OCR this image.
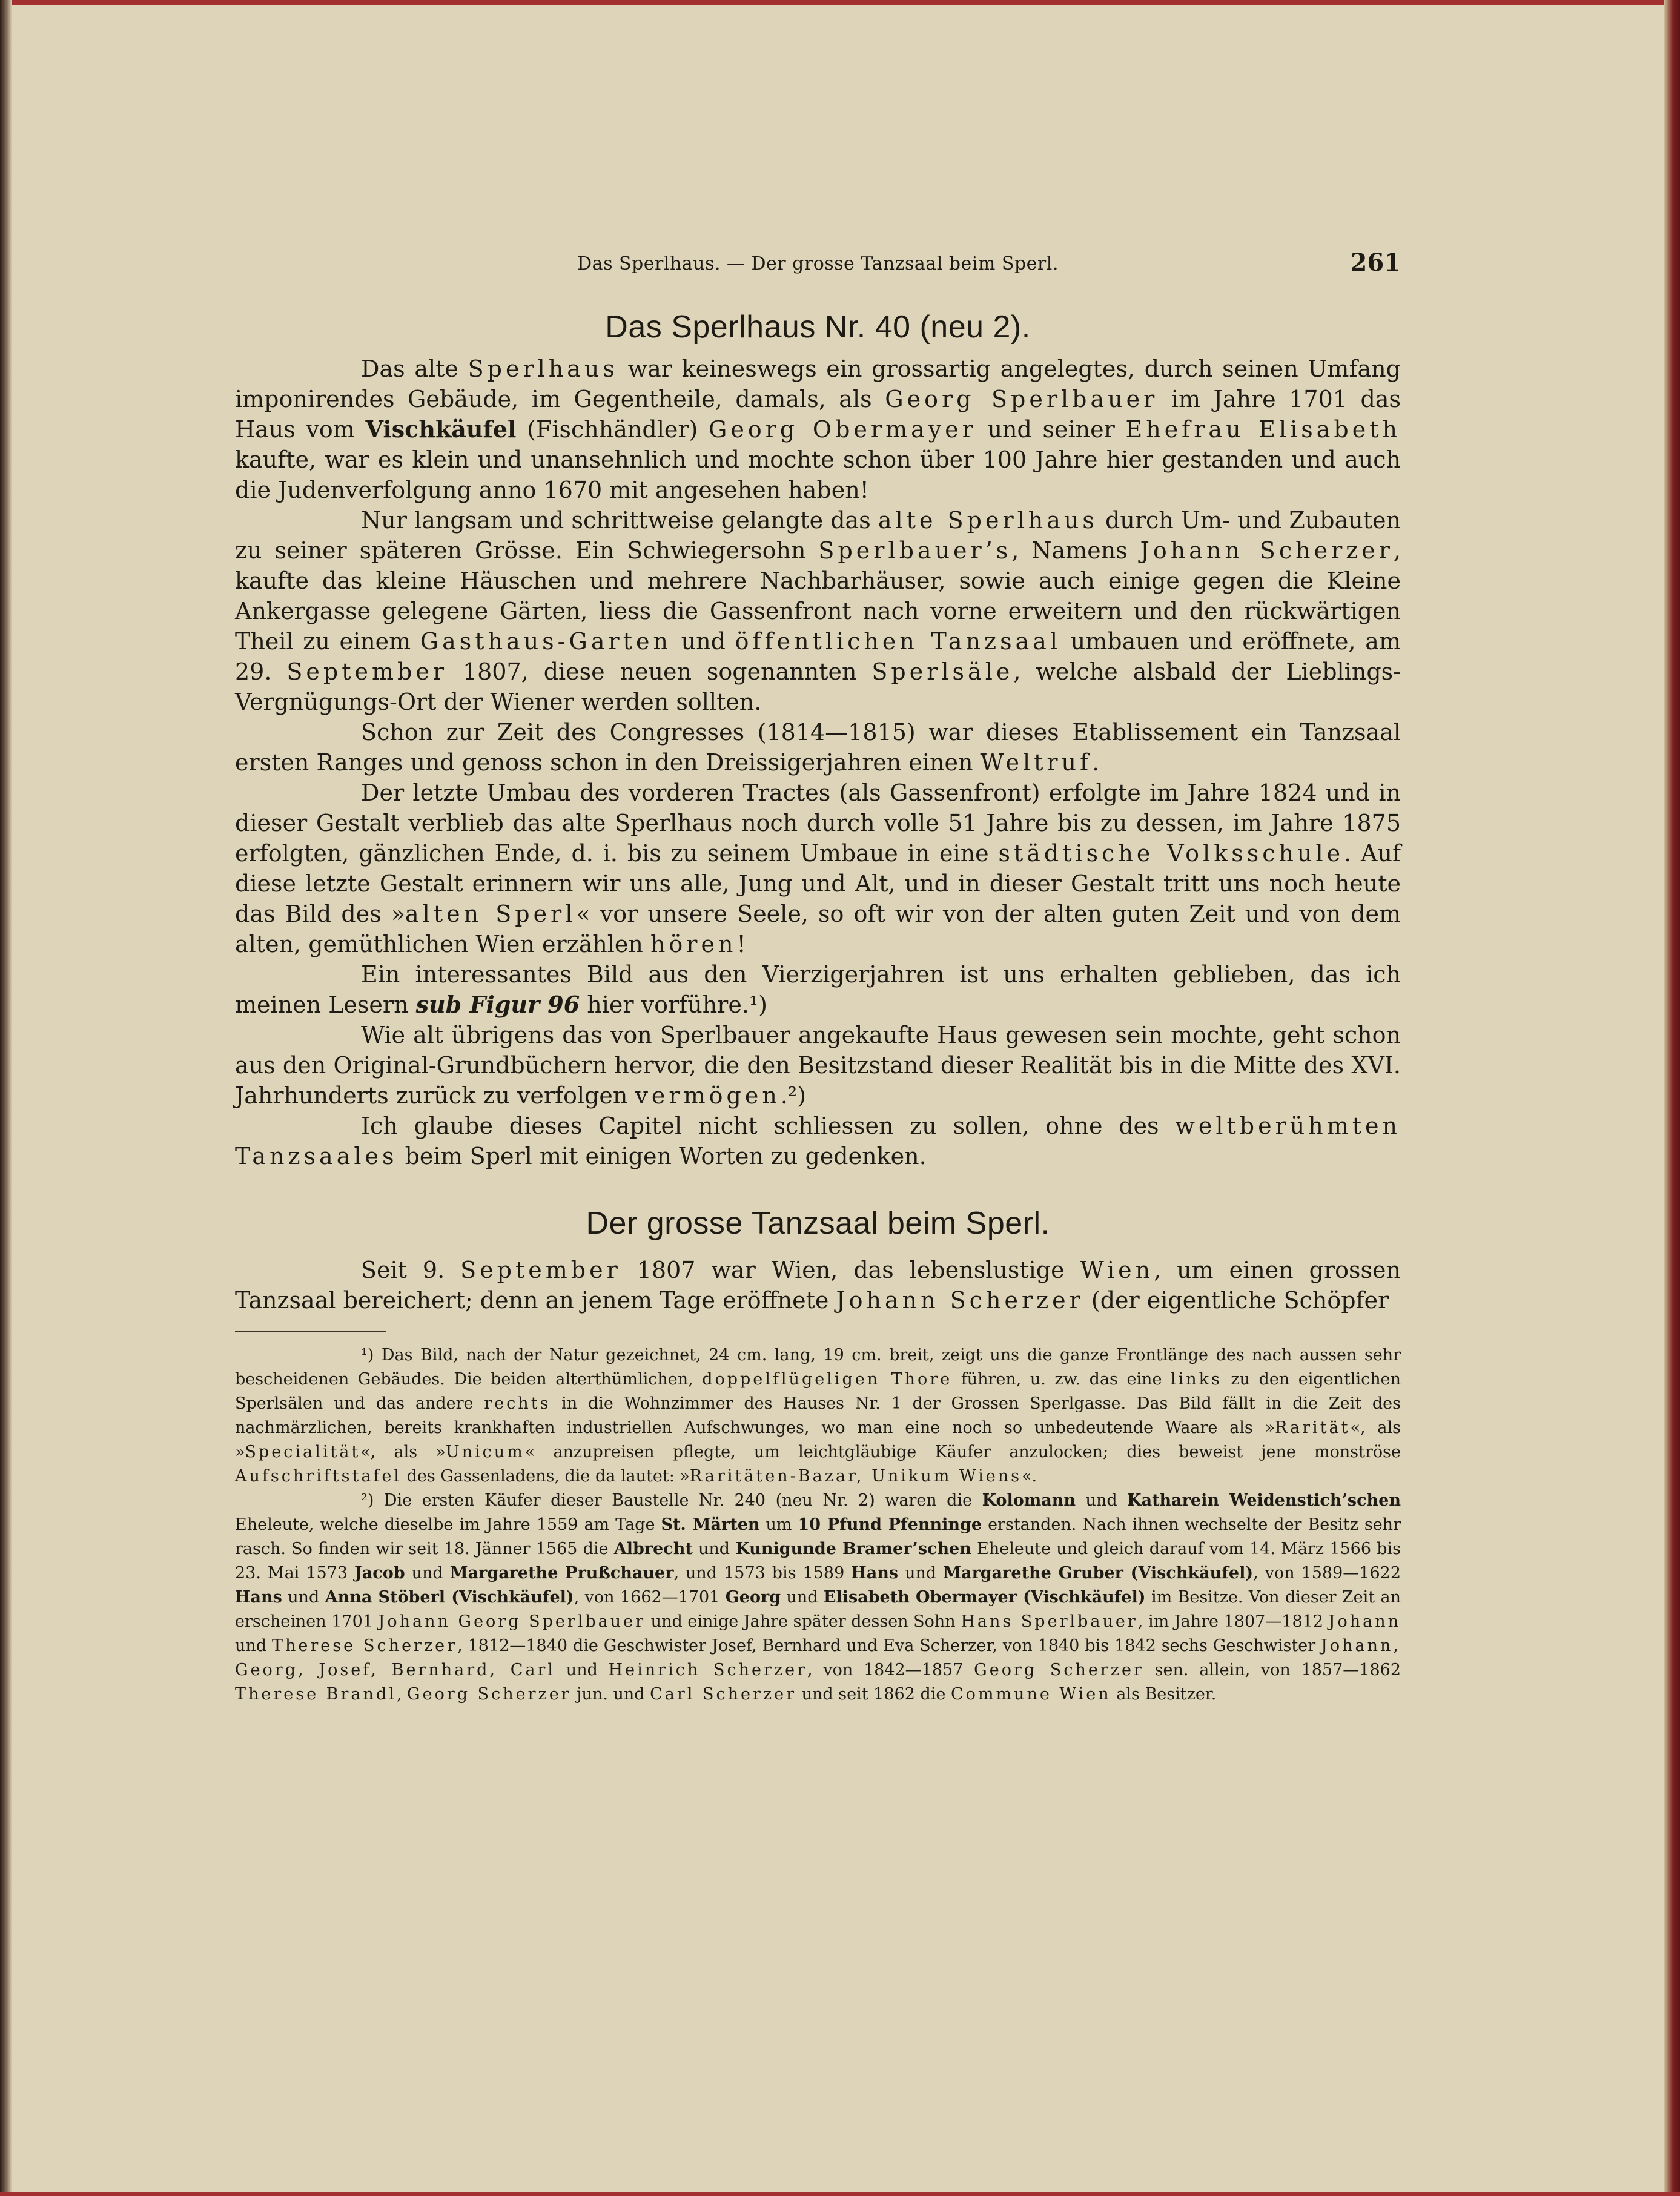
Das Sperlhaus. — Der grosse Tanzsaal beim Sperl.	261
Das Sperlhaus Nr. 40 (neu 2).

Das alte Sperlhaus war keineswegs ein grossartig angelegtes, durch seinen Umfang imponirendes Gebäude, im Gegentheile, damals, als Georg Sperlbauer im Jahre 1701 das Haus vom Vischkäufel (Fischhändler) Georg Obermayer und seiner Ehefrau Elisabeth kaufte, war es klein und unansehnlich und mochte schon über 100 Jahre hier gestanden und auch die Judenverfolgung anno 1670 mit angesehen haben!

Nur langsam und schrittweise gelangte das alte Sperlhaus durch Um- und Zubauten zu seiner späteren Grösse. Ein Schwiegersohn Sperlbauer’s, Namens Johann Scherzer, kaufte das kleine Häuschen und mehrere Nachbarhäuser, sowie auch einige gegen die Kleine Ankergasse gelegene Gärten, liess die Gassenfront nach vorne erweitern und den rückwärtigen Theil zu einem Gasthaus-Garten und öffentlichen Tanzsaal umbauen und eröffnete, am 29. September 1807, diese neuen sogenannten Sperlsäle, welche alsbald der Lieblings-Vergnügungs-Ort der Wiener werden sollten.

Schon zur Zeit des Congresses (1814—1815) war dieses Etablissement ein Tanzsaal ersten Ranges und genoss schon in den Dreissigerjahren einen Weltruf.

Der letzte Umbau des vorderen Tractes (als Gassenfront) erfolgte im Jahre 1824 und in dieser Gestalt verblieb das alte Sperlhaus noch durch volle 51 Jahre bis zu dessen, im Jahre 1875 erfolgten, gänzlichen Ende, d. i. bis zu seinem Umbaue in eine städtische Volksschule. Auf diese letzte Gestalt erinnern wir uns alle, Jung und Alt, und in dieser Gestalt tritt uns noch heute das Bild des »alten Sperl« vor unsere Seele, so oft wir von der alten guten Zeit und von dem alten, gemüthlichen Wien erzählen hören!

Ein interessantes Bild aus den Vierzigerjahren ist uns erhalten geblieben, das ich meinen Lesern sub Figur 96 hier vorführe.¹)

Wie alt übrigens das von Sperlbauer angekaufte Haus gewesen sein mochte, geht schon aus den Original-Grundbüchern hervor, die den Besitzstand dieser Realität bis in die Mitte des XVI. Jahrhunderts zurück zu verfolgen vermögen.²)

Ich glaube dieses Capitel nicht schliessen zu sollen, ohne des weltberühmten Tanzsaales beim Sperl mit einigen Worten zu gedenken.

Der grosse Tanzsaal beim Sperl.

Seit 9. September 1807 war Wien, das lebenslustige Wien, um einen grossen Tanzsaal bereichert; denn an jenem Tage eröffnete Johann Scherzer (der eigentliche Schöpfer

¹) Das Bild, nach der Natur gezeichnet, 24 cm. lang, 19 cm. breit, zeigt uns die ganze Frontlänge des nach aussen sehr bescheidenen Gebäudes. Die beiden alterthümlichen, doppelflügeligen Thore führen, u. zw. das eine links zu den eigentlichen Sperlsälen und das andere rechts in die Wohnzimmer des Hauses Nr. 1 der Grossen Sperlgasse. Das Bild fällt in die Zeit des nachmärzlichen, bereits krankhaften industriellen Aufschwunges, wo man eine noch so unbedeutende Waare als »Rarität«, als »Specialität«, als »Unicum« anzupreisen pflegte, um leichtgläubige Käufer anzulocken; dies beweist jene monströse Aufschriftstafel des Gassenladens, die da lautet: »Raritäten-Bazar, Unikum Wiens«.

²) Die ersten Käufer dieser Baustelle Nr. 240 (neu Nr. 2) waren die Kolomann und Katharein Weidenstich’schen Eheleute, welche dieselbe im Jahre 1559 am Tage St. Märten um 10 Pfund Pfenninge erstanden. Nach ihnen wechselte der Besitz sehr rasch. So finden wir seit 18. Jänner 1565 die Albrecht und Kunigunde Bramer’schen Eheleute und gleich darauf vom 14. März 1566 bis 23. Mai 1573 Jacob und Margarethe Prußchauer, und 1573 bis 1589 Hans und Margarethe Gruber (Vischkäufel), von 1589—1622 Hans und Anna Stöberl (Vischkäufel), von 1662—1701 Georg und Elisabeth Obermayer (Vischkäufel) im Besitze. Von dieser Zeit an erscheinen 1701 Johann Georg Sperlbauer und einige Jahre später dessen Sohn Hans Sperlbauer, im Jahre 1807—1812 Johann und Therese Scherzer, 1812—1840 die Geschwister Josef, Bernhard und Eva Scherzer, von 1840 bis 1842 sechs Geschwister Johann, Georg, Josef, Bernhard, Carl und Heinrich Scherzer, von 1842—1857 Georg Scherzer sen. allein, von 1857—1862 Therese Brandl, Georg Scherzer jun. und Carl Scherzer und seit 1862 die Commune Wien als Besitzer.
